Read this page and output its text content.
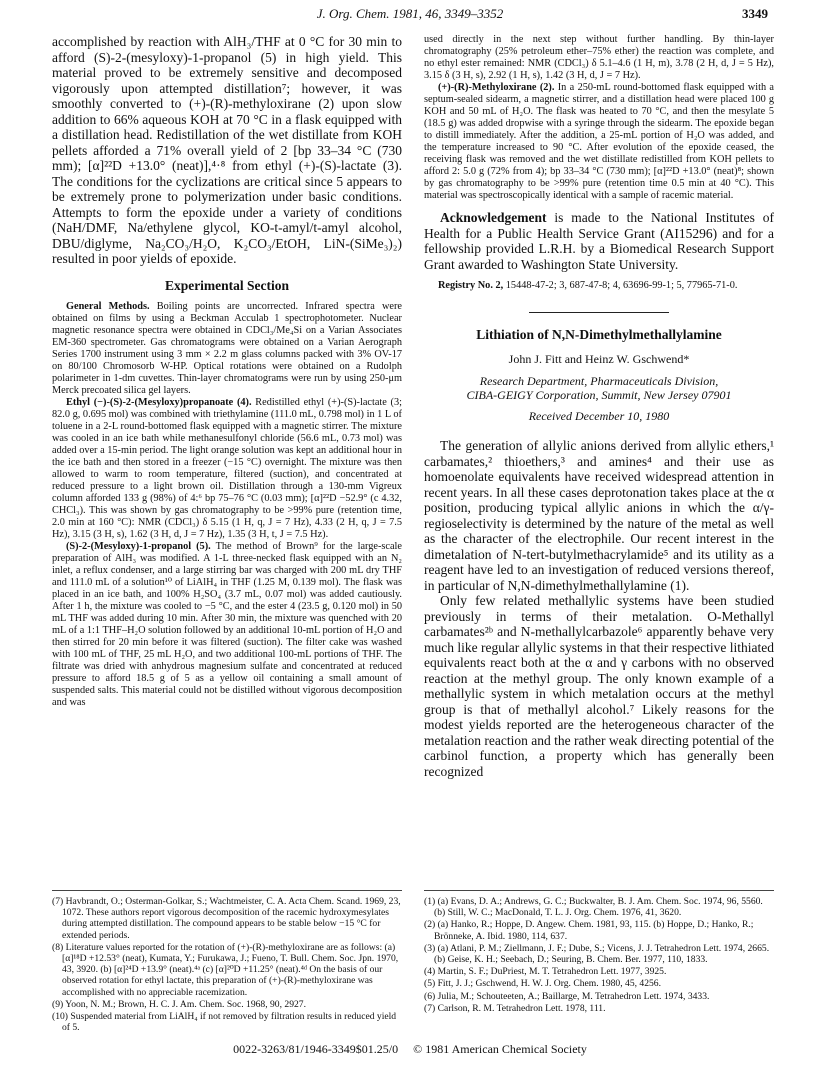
J. Org. Chem. 1981, 46, 3349–3352	3349

accomplished by reaction with AlH₃/THF at 0 °C for 30 min to afford (S)-2-(mesyloxy)-1-propanol (5) in high yield. This material proved to be extremely sensitive and decomposed vigorously upon attempted distillation⁷; however, it was smoothly converted to (+)-(R)-methyloxirane (2) upon slow addition to 66% aqueous KOH at 70 °C in a flask equipped with a distillation head. Redistillation of the wet distillate from KOH pellets afforded a 71% overall yield of 2 [bp 33–34 °C (730 mm); [α]²²D +13.0° (neat)],⁴·⁸ from ethyl (+)-(S)-lactate (3). The conditions for the cyclizations are critical since 5 appears to be extremely prone to polymerization under basic conditions. Attempts to form the epoxide under a variety of conditions (NaH/DMF, Na/ethylene glycol, KO-t-amyl/t-amyl alcohol, DBU/diglyme, Na₂CO₃/H₂O, K₂CO₃/EtOH, LiN-(SiMe₃)₂) resulted in poor yields of epoxide.

Experimental Section

General Methods. Boiling points are uncorrected. Infrared spectra were obtained on films by using a Beckman Acculab 1 spectrophotometer. Nuclear magnetic resonance spectra were obtained in CDCl₃/Me₄Si on a Varian Associates EM-360 spectrometer. Gas chromatograms were obtained on a Varian Aerograph Series 1700 instrument using 3 mm × 2.2 m glass columns packed with 3% OV-17 on 80/100 Chromosorb W-HP. Optical rotations were obtained on a Rudolph polarimeter in 1-dm cuvettes. Thin-layer chromatograms were run by using 250-μm Merck precoated silica gel layers.

Ethyl (−)-(S)-2-(Mesyloxy)propanoate (4). Redistilled ethyl (+)-(S)-lactate (3; 82.0 g, 0.695 mol) was combined with triethylamine (111.0 mL, 0.798 mol) in 1 L of toluene in a 2-L round-bottomed flask equipped with a magnetic stirrer. The mixture was cooled in an ice bath while methanesulfonyl chloride (56.6 mL, 0.73 mol) was added over a 15-min period. The light orange solution was kept an additional hour in the ice bath and then stored in a freezer (−15 °C) overnight. The mixture was then allowed to warm to room temperature, filtered (suction), and concentrated at reduced pressure to a light brown oil. Distillation through a 130-mm Vigreux column afforded 133 g (98%) of 4:⁶ bp 75–76 °C (0.03 mm); [α]²²D −52.9° (c 4.32, CHCl₃). This was shown by gas chromatography to be >99% pure (retention time, 2.0 min at 160 °C): NMR (CDCl₃) δ 5.15 (1 H, q, J = 7 Hz), 4.33 (2 H, q, J = 7.5 Hz), 3.15 (3 H, s), 1.62 (3 H, d, J = 7 Hz), 1.35 (3 H, t, J = 7.5 Hz).

(S)-2-(Mesyloxy)-1-propanol (5). The method of Brown⁹ for the large-scale preparation of AlH₃ was modified. A 1-L three-necked flask equipped with an N₂ inlet, a reflux condenser, and a large stirring bar was charged with 200 mL dry THF and 111.0 mL of a solution¹⁰ of LiAlH₄ in THF (1.25 M, 0.139 mol). The flask was placed in an ice bath, and 100% H₂SO₄ (3.7 mL, 0.07 mol) was added cautiously. After 1 h, the mixture was cooled to −5 °C, and the ester 4 (23.5 g, 0.120 mol) in 50 mL THF was added during 10 min. After 30 min, the mixture was quenched with 20 mL of a 1:1 THF–H₂O solution followed by an additional 10-mL portion of H₂O and then stirred for 20 min before it was filtered (suction). The filter cake was washed with 100 mL of THF, 25 mL H₂O, and two additional 100-mL portions of THF. The filtrate was dried with anhydrous magnesium sulfate and concentrated at reduced pressure to afford 18.5 g of 5 as a yellow oil containing a small amount of suspended salts. This material could not be distilled without vigorous decomposition and was

used directly in the next step without further handling. By thin-layer chromatography (25% petroleum ether–75% ether) the reaction was complete, and no ethyl ester remained: NMR (CDCl₃) δ 5.1–4.6 (1 H, m), 3.78 (2 H, d, J = 5 Hz), 3.15 δ (3 H, s), 2.92 (1 H, s), 1.42 (3 H, d, J = 7 Hz).

(+)-(R)-Methyloxirane (2). In a 250-mL round-bottomed flask equipped with a septum-sealed sidearm, a magnetic stirrer, and a distillation head were placed 100 g KOH and 50 mL of H₂O. The flask was heated to 70 °C, and then the mesylate 5 (18.5 g) was added dropwise with a syringe through the sidearm. The epoxide began to distill immediately. After the addition, a 25-mL portion of H₂O was added, and the temperature increased to 90 °C. After evolution of the epoxide ceased, the receiving flask was removed and the wet distillate redistilled from KOH pellets to afford 2: 5.0 g (72% from 4); bp 33–34 °C (730 mm); [α]²²D +13.0° (neat)⁸; shown by gas chromatography to be >99% pure (retention time 0.5 min at 40 °C). This material was spectroscopically identical with a sample of racemic material.

Acknowledgement is made to the National Institutes of Health for a Public Health Service Grant (AI15296) and for a fellowship provided L.R.H. by a Biomedical Research Support Grant awarded to Washington State University.

Registry No. 2, 15448-47-2; 3, 687-47-8; 4, 63696-99-1; 5, 77965-71-0.

Lithiation of N,N-Dimethylmethallylamine

John J. Fitt and Heinz W. Gschwend*

Research Department, Pharmaceuticals Division,
CIBA-GEIGY Corporation, Summit, New Jersey 07901

Received December 10, 1980

The generation of allylic anions derived from allylic ethers,¹ carbamates,² thioethers,³ and amines⁴ and their use as homoenolate equivalents have received widespread attention in recent years. In all these cases deprotonation takes place at the α position, producing typical allylic anions in which the α/γ-regioselectivity is determined by the nature of the metal as well as the character of the electrophile. Our recent interest in the dimetalation of N-tert-butylmethacrylamide⁵ and its utility as a reagent have led to an investigation of reduced versions thereof, in particular of N,N-dimethylmethallylamine (1).

Only few related methallylic systems have been studied previously in terms of their metalation. O-Methallyl carbamates²ᵇ and N-methallylcarbazole⁶ apparently behave very much like regular allylic systems in that their respective lithiated equivalents react both at the α and γ carbons with no observed reaction at the methyl group. The only known example of a methallylic system in which metalation occurs at the methyl group is that of methallyl alcohol.⁷ Likely reasons for the modest yields reported are the heterogeneous character of the metalation reaction and the rather weak directing potential of the carbinol function, a property which has generally been recognized

(7) Havbrandt, O.; Osterman-Golkar, S.; Wachtmeister, C. A. Acta Chem. Scand. 1969, 23, 1072. These authors report vigorous decomposition of the racemic hydroxymesylates during attempted distillation. The compound appears to be stable below −15 °C for extended periods.

(8) Literature values reported for the rotation of (+)-(R)-methyloxirane are as follows: (a) [α]¹⁸D +12.53° (neat), Kumata, Y.; Furukawa, J.; Fueno, T. Bull. Chem. Soc. Jpn. 1970, 43, 3920. (b) [α]²⁴D +13.9° (neat).⁴ᵃ (c) [α]²⁰D +11.25° (neat).⁴ᵈ On the basis of our observed rotation for ethyl lactate, this preparation of (+)-(R)-methyloxirane was accomplished with no appreciable racemization.

(9) Yoon, N. M.; Brown, H. C. J. Am. Chem. Soc. 1968, 90, 2927.

(10) Suspended material from LiAlH₄ if not removed by filtration results in reduced yield of 5.

(1) (a) Evans, D. A.; Andrews, G. C.; Buckwalter, B. J. Am. Chem. Soc. 1974, 96, 5560. (b) Still, W. C.; MacDonald, T. L. J. Org. Chem. 1976, 41, 3620.

(2) (a) Hanko, R.; Hoppe, D. Angew. Chem. 1981, 93, 115. (b) Hoppe, D.; Hanko, R.; Brönneke, A. Ibid. 1980, 114, 637.

(3) (a) Atlani, P. M.; Ziellmann, J. F.; Dube, S.; Vicens, J. J. Tetrahedron Lett. 1974, 2665. (b) Geise, K. H.; Seebach, D.; Seuring, B. Chem. Ber. 1977, 110, 1833.

(4) Martin, S. F.; DuPriest, M. T. Tetrahedron Lett. 1977, 3925.

(5) Fitt, J. J.; Gschwend, H. W. J. Org. Chem. 1980, 45, 4256.

(6) Julia, M.; Schouteeten, A.; Baillarge, M. Tetrahedron Lett. 1974, 3433.

(7) Carlson, R. M. Tetrahedron Lett. 1978, 111.

0022-3263/81/1946-3349$01.25/0 © 1981 American Chemical Society
